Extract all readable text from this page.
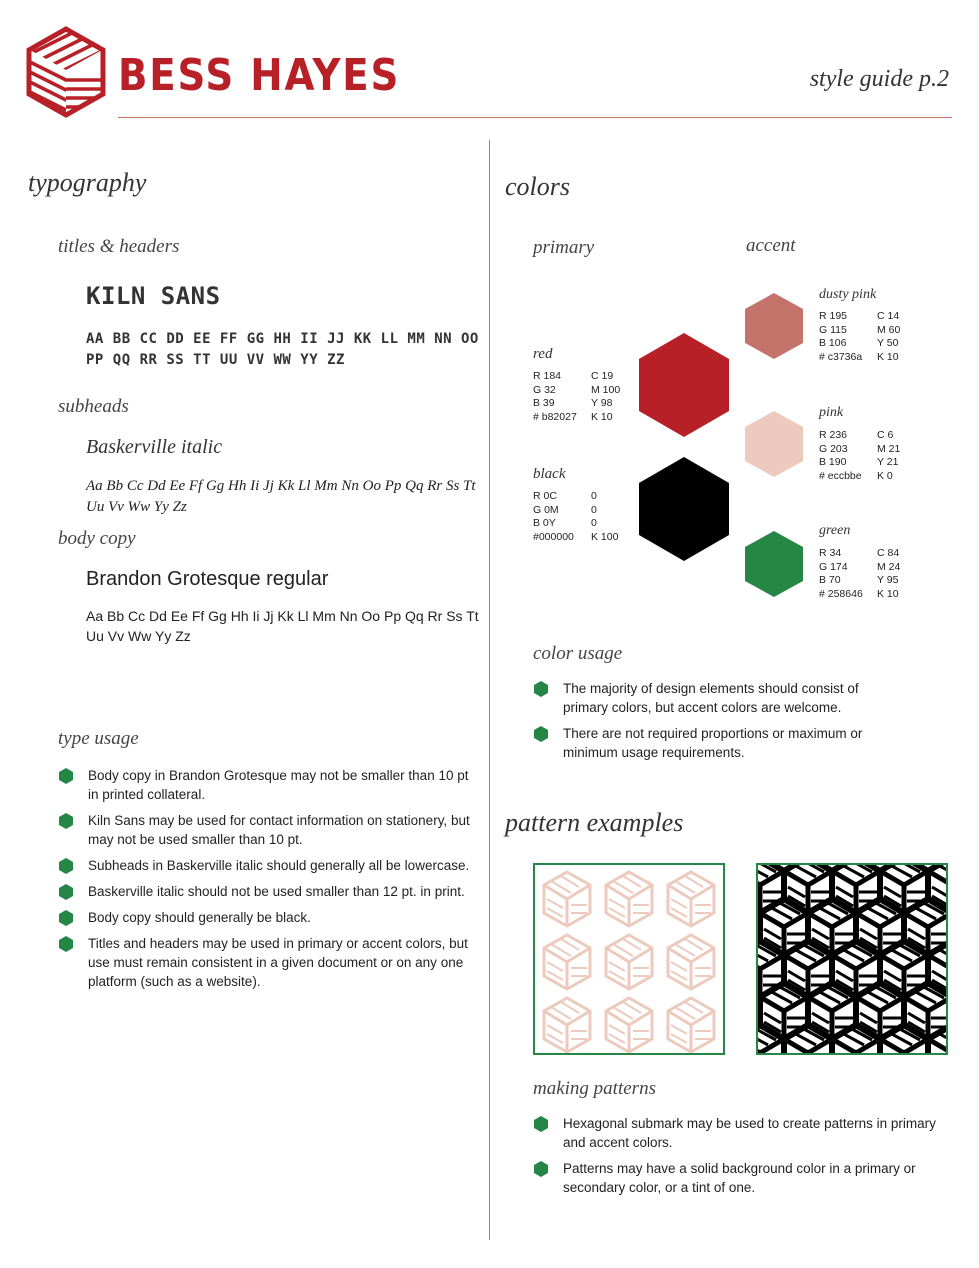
BESS HAYES	style guide p.2
typography
titles & headers
KILN SANS
AA BB CC DD EE FF GG HH II JJ KK LL MM NN OO PP QQ RR SS TT UU VV WW YY ZZ
subheads
Baskerville italic
Aa Bb Cc Dd Ee Ff Gg Hh Ii Jj Kk Ll Mm Nn Oo Pp Qq Rr Ss Tt Uu Vv Ww Yy Zz
body copy
Brandon Grotesque regular
Aa Bb Cc Dd Ee Ff Gg Hh Ii Jj Kk Ll Mm Nn Oo Pp Qq Rr Ss Tt Uu Vv Ww Yy Zz
type usage
Body copy in Brandon Grotesque may not be smaller than 10 pt in printed collateral.
Kiln Sans may be used for contact information on stationery, but may not be used smaller than 10 pt.
Subheads in Baskerville italic should generally all be lowercase.
Baskerville italic should not be used smaller than 12 pt. in print.
Body copy should generally be black.
Titles and headers may be used in primary or accent colors, but use must remain consistent in a given document or on any one platform (such as a website).
colors
primary	accent
red
R 184	C 19
G 32	M 100
B 39	Y 98
# b82027	K 10
black
R 0C	0
G 0M	0
B 0Y	0
#000000	K 100
dusty pink
R 195	C 14
G 115	M 60
B 106	Y 50
# c3736a	K 10
pink
R 236	C 6
G 203	M 21
B 190	Y 21
# eccbbe	K 0
green
R 34	C 84
G 174	M 24
B 70	Y 95
# 258646	K 10
color usage
The majority of design elements should consist of primary colors, but accent colors are welcome.
There are not required proportions or maximum or minimum usage requirements.
pattern examples
making patterns
Hexagonal submark may be used to create patterns in primary and accent colors.
Patterns may have a solid background color in a primary or secondary color, or a tint of one.
